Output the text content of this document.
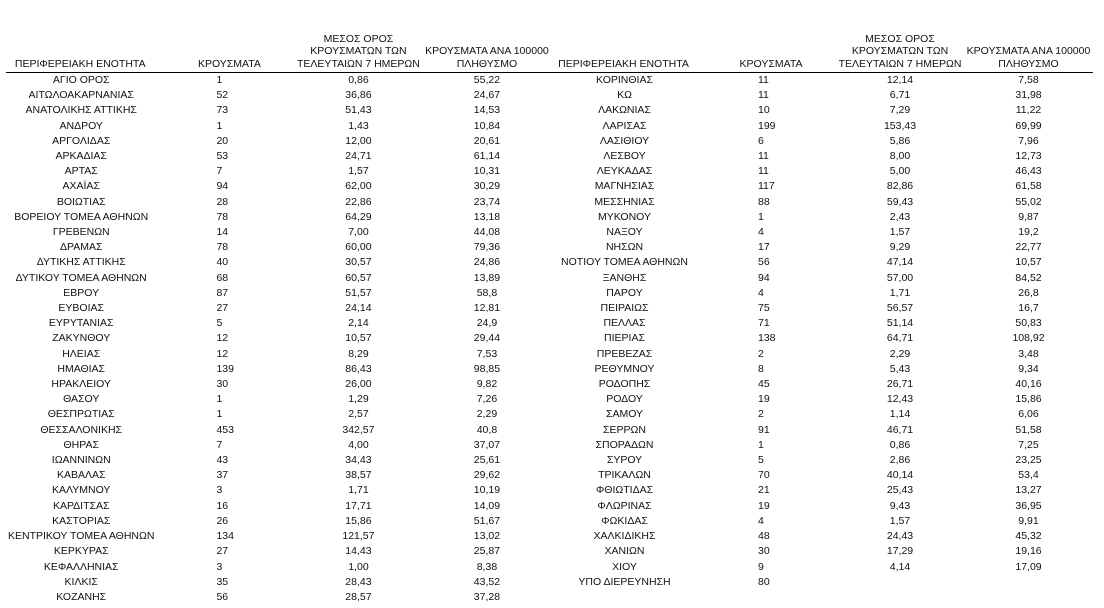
ΠΕΡΙΦΕΡΕΙΑΚΗ ΕΝΟΤΗΤΑ	ΚΡΟΥΣΜΑΤΑ	ΜΕΣΟΣ ΟΡΟΣ ΚΡΟΥΣΜΑΤΩΝ ΤΩΝ ΤΕΛΕΥΤΑΙΩΝ 7 ΗΜΕΡΩΝ	ΚΡΟΥΣΜΑΤΑ ΑΝΑ 100000 ΠΛΗΘΥΣΜΟ
ΑΓΙΟ ΟΡΟΣ	1	0,86	55,22
ΑΙΤΩΛΟΑΚΑΡΝΑΝΙΑΣ	52	36,86	24,67
ΑΝΑΤΟΛΙΚΗΣ ΑΤΤΙΚΗΣ	73	51,43	14,53
ΑΝΔΡΟΥ	1	1,43	10,84
ΑΡΓΟΛΙΔΑΣ	20	12,00	20,61
ΑΡΚΑΔΙΑΣ	53	24,71	61,14
ΑΡΤΑΣ	7	1,57	10,31
ΑΧΑΪΑΣ	94	62,00	30,29
ΒΟΙΩΤΙΑΣ	28	22,86	23,74
ΒΟΡΕΙΟΥ ΤΟΜΕΑ ΑΘΗΝΩΝ	78	64,29	13,18
ΓΡΕΒΕΝΩΝ	14	7,00	44,08
ΔΡΑΜΑΣ	78	60,00	79,36
ΔΥΤΙΚΗΣ ΑΤΤΙΚΗΣ	40	30,57	24,86
ΔΥΤΙΚΟΥ ΤΟΜΕΑ ΑΘΗΝΩΝ	68	60,57	13,89
ΕΒΡΟΥ	87	51,57	58,8
ΕΥΒΟΙΑΣ	27	24,14	12,81
ΕΥΡΥΤΑΝΙΑΣ	5	2,14	24,9
ΖΑΚΥΝΘΟΥ	12	10,57	29,44
ΗΛΕΙΑΣ	12	8,29	7,53
ΗΜΑΘΙΑΣ	139	86,43	98,85
ΗΡΑΚΛΕΙΟΥ	30	26,00	9,82
ΘΑΣΟΥ	1	1,29	7,26
ΘΕΣΠΡΩΤΙΑΣ	1	2,57	2,29
ΘΕΣΣΑΛΟΝΙΚΗΣ	453	342,57	40,8
ΘΗΡΑΣ	7	4,00	37,07
ΙΩΑΝΝΙΝΩΝ	43	34,43	25,61
ΚΑΒΑΛΑΣ	37	38,57	29,62
ΚΑΛΥΜΝΟΥ	3	1,71	10,19
ΚΑΡΔΙΤΣΑΣ	16	17,71	14,09
ΚΑΣΤΟΡΙΑΣ	26	15,86	51,67
ΚΕΝΤΡΙΚΟΥ ΤΟΜΕΑ ΑΘΗΝΩΝ	134	121,57	13,02
ΚΕΡΚΥΡΑΣ	27	14,43	25,87
ΚΕΦΑΛΛΗΝΙΑΣ	3	1,00	8,38
ΚΙΛΚΙΣ	35	28,43	43,52
ΚΟΖΑΝΗΣ	56	28,57	37,28
ΠΕΡΙΦΕΡΕΙΑΚΗ ΕΝΟΤΗΤΑ	ΚΡΟΥΣΜΑΤΑ	ΜΕΣΟΣ ΟΡΟΣ ΚΡΟΥΣΜΑΤΩΝ ΤΩΝ ΤΕΛΕΥΤΑΙΩΝ 7 ΗΜΕΡΩΝ	ΚΡΟΥΣΜΑΤΑ ΑΝΑ 100000 ΠΛΗΘΥΣΜΟ
ΚΟΡΙΝΘΙΑΣ	11	12,14	7,58
ΚΩ	11	6,71	31,98
ΛΑΚΩΝΙΑΣ	10	7,29	11,22
ΛΑΡΙΣΑΣ	199	153,43	69,99
ΛΑΣΙΘΙΟΥ	6	5,86	7,96
ΛΕΣΒΟΥ	11	8,00	12,73
ΛΕΥΚΑΔΑΣ	11	5,00	46,43
ΜΑΓΝΗΣΙΑΣ	117	82,86	61,58
ΜΕΣΣΗΝΙΑΣ	88	59,43	55,02
ΜΥΚΟΝΟΥ	1	2,43	9,87
ΝΑΞΟΥ	4	1,57	19,2
ΝΗΣΩΝ	17	9,29	22,77
ΝΟΤΙΟΥ ΤΟΜΕΑ ΑΘΗΝΩΝ	56	47,14	10,57
ΞΑΝΘΗΣ	94	57,00	84,52
ΠΑΡΟΥ	4	1,71	26,8
ΠΕΙΡΑΙΩΣ	75	56,57	16,7
ΠΕΛΛΑΣ	71	51,14	50,83
ΠΙΕΡΙΑΣ	138	64,71	108,92
ΠΡΕΒΕΖΑΣ	2	2,29	3,48
ΡΕΘΥΜΝΟΥ	8	5,43	9,34
ΡΟΔΟΠΗΣ	45	26,71	40,16
ΡΟΔΟΥ	19	12,43	15,86
ΣΑΜΟΥ	2	1,14	6,06
ΣΕΡΡΩΝ	91	46,71	51,58
ΣΠΟΡΑΔΩΝ	1	0,86	7,25
ΣΥΡΟΥ	5	2,86	23,25
ΤΡΙΚΑΛΩΝ	70	40,14	53,4
ΦΘΙΩΤΙΔΑΣ	21	25,43	13,27
ΦΛΩΡΙΝΑΣ	19	9,43	36,95
ΦΩΚΙΔΑΣ	4	1,57	9,91
ΧΑΛΚΙΔΙΚΗΣ	48	24,43	45,32
ΧΑΝΙΩΝ	30	17,29	19,16
ΧΙΟΥ	9	4,14	17,09
ΥΠΟ ΔΙΕΡΕΥΝΗΣΗ	80		
